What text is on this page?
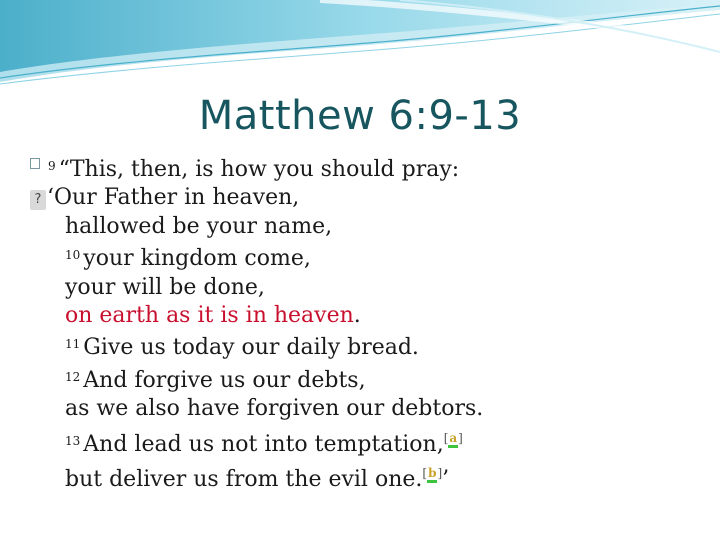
Matthew 6:9-13
$^9$ “This, then, is how you should pray:
? ‘Our Father in heaven,
hallowed be your name,
$^{10}$ your kingdom come,
your will be done,
on earth as it is in heaven.
$^{11}$ Give us today our daily bread.
$^{12}$ And forgive us our debts,
as we also have forgiven our debtors.
$^{13}$ And lead us not into temptation,[a]
but deliver us from the evil one.[b]’
